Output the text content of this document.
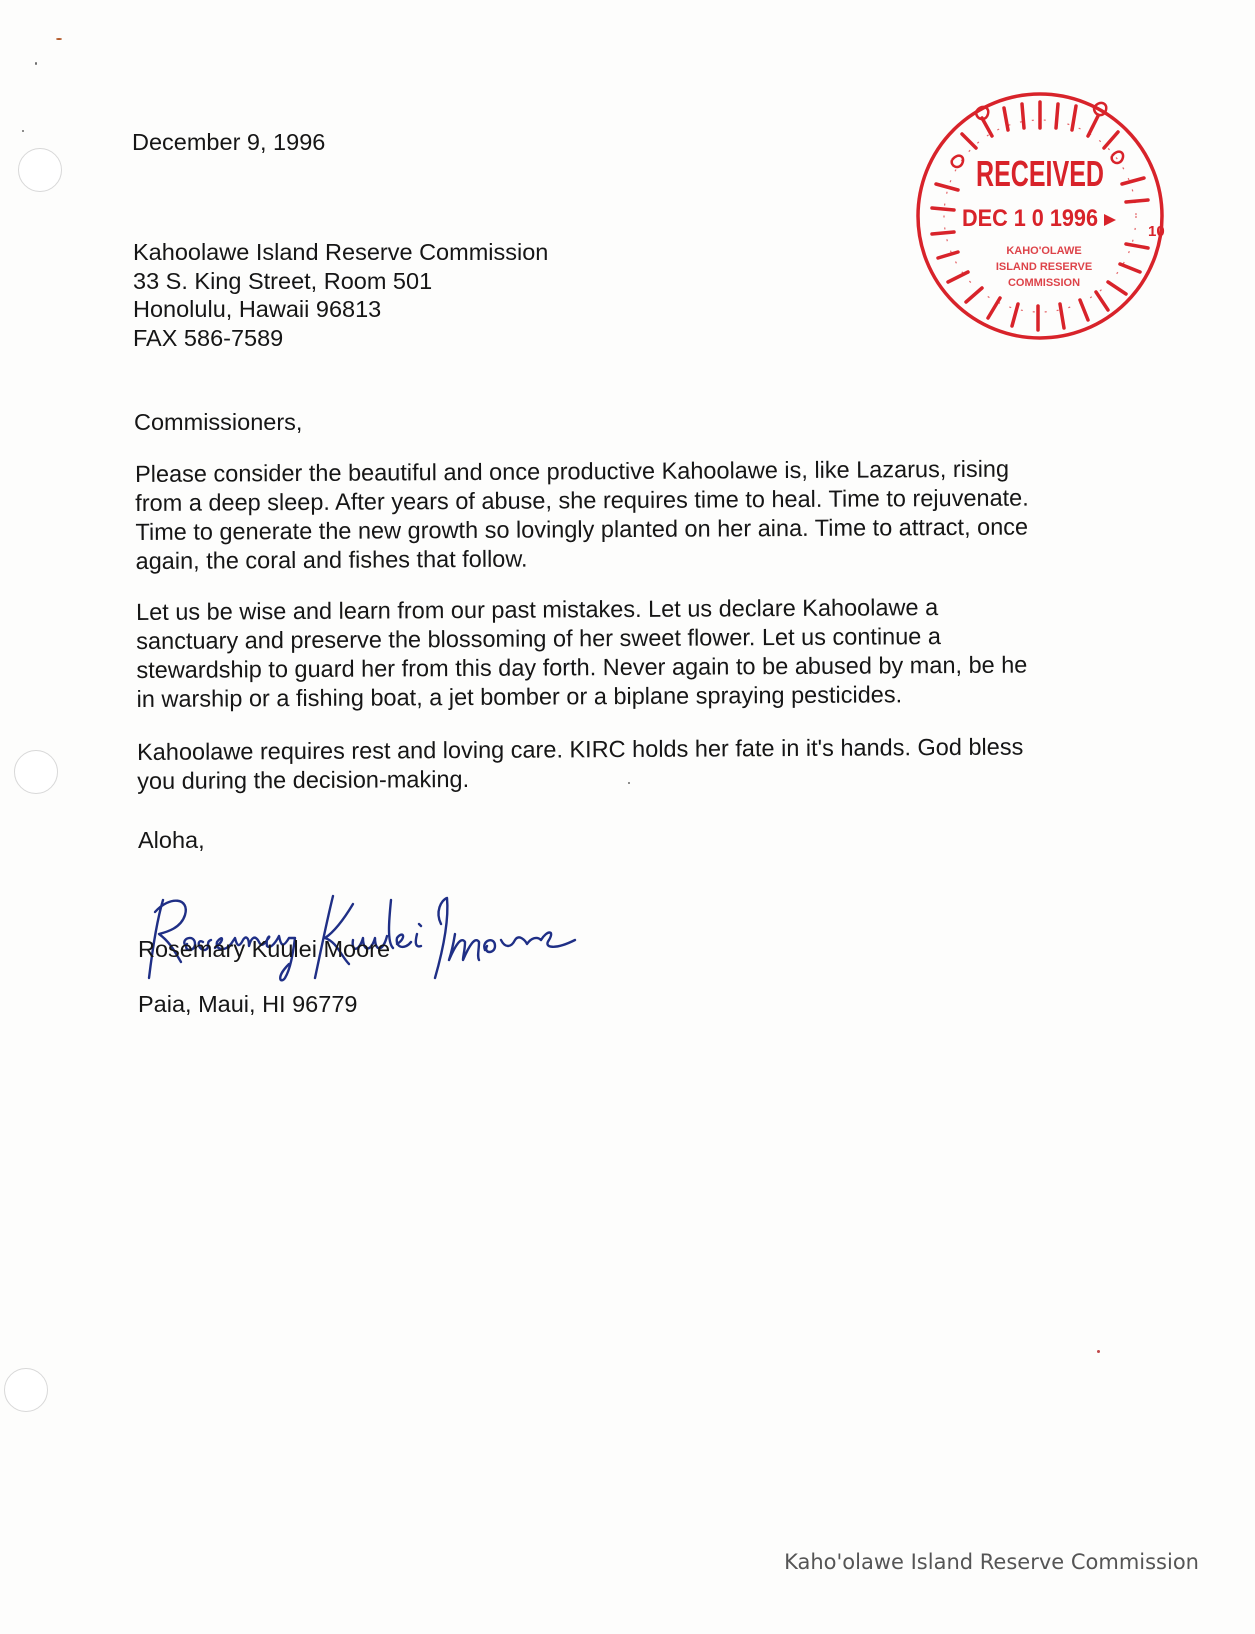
December 9, 1996
Kahoolawe Island Reserve Commission
33 S. King Street, Room 501
Honolulu, Hawaii 96813
FAX 586-7589
Commissioners,
Please consider the beautiful and once productive Kahoolawe is, like Lazarus, rising
from a deep sleep. After years of abuse, she requires time to heal. Time to rejuvenate.
Time to generate the new growth so lovingly planted on her aina. Time to attract, once
again, the coral and fishes that follow.
Let us be wise and learn from our past mistakes. Let us declare Kahoolawe a
sanctuary and preserve the blossoming of her sweet flower. Let us continue a
stewardship to guard her from this day forth. Never again to be abused by man, be he
in warship or a fishing boat, a jet bomber or a biplane spraying pesticides.
Kahoolawe requires rest and loving care. KIRC holds her fate in it's hands. God bless
you during the decision-making.
Aloha,
Rosemary Kuulei Moore
Paia, Maui, HI 96779
10
RECEIVED
DEC 1 0 1996
KAHO'OLAWE
ISLAND RESERVE
COMMISSION
Kaho'olawe Island Reserve Commission
